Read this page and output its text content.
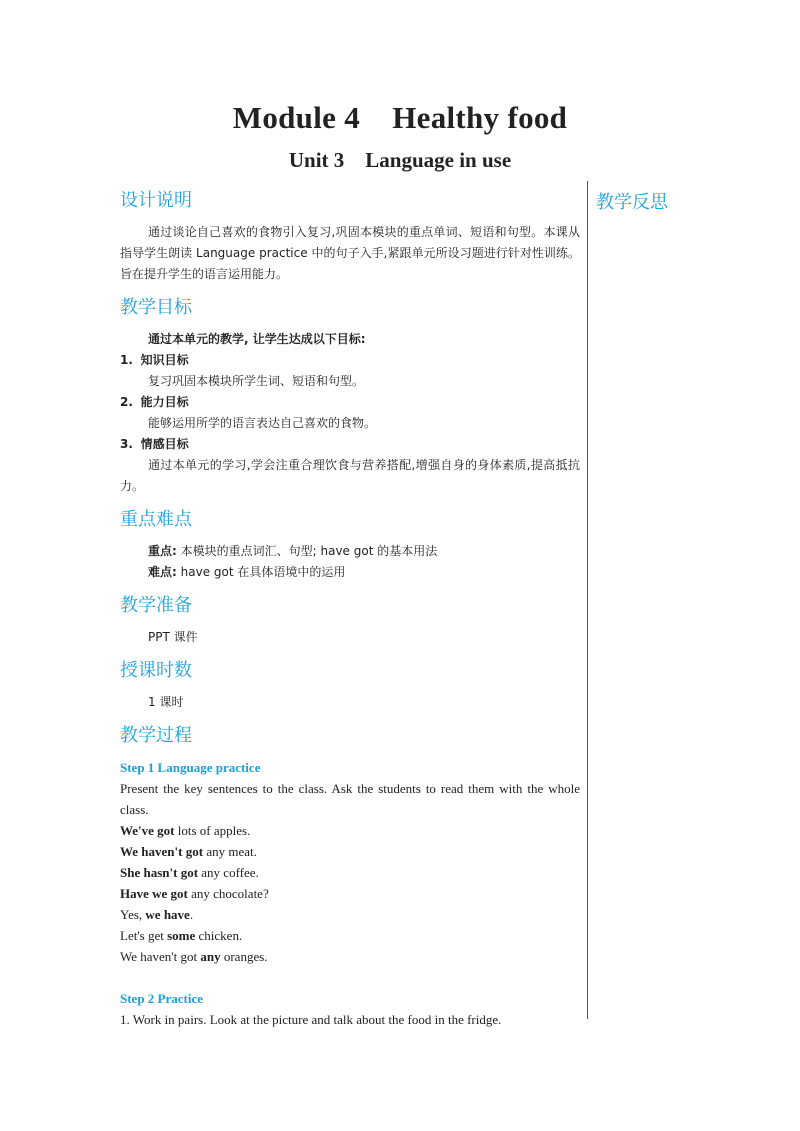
Module 4    Healthy food
Unit 3    Language in use
教学反思
设计说明

通过谈论自己喜欢的食物引入复习,巩固本模块的重点单词、短语和句型。本课从指导学生朗读 Language practice 中的句子入手,紧跟单元所设习题进行针对性训练。旨在提升学生的语言运用能力。

教学目标

通过本单元的教学, 让学生达成以下目标:

1. 知识目标

复习巩固本模块所学生词、短语和句型。

2. 能力目标

能够运用所学的语言表达自己喜欢的食物。

3. 情感目标

通过本单元的学习,学会注重合理饮食与营养搭配,增强自身的身体素质,提高抵抗力。

重点难点

重点: 本模块的重点词汇、句型; have got 的基本用法

难点: have got 在具体语境中的运用

教学准备

PPT 课件

授课时数

1 课时

教学过程

Step 1 Language practice

Present the key sentences to the class. Ask the students to read them with the whole class.

We've got lots of apples.

We haven't got any meat.

She hasn't got any coffee.

Have we got any chocolate?

Yes, we have.

Let's get some chicken.

We haven't got any oranges.

Step 2 Practice

1. Work in pairs. Look at the picture and talk about the food in the fridge.
